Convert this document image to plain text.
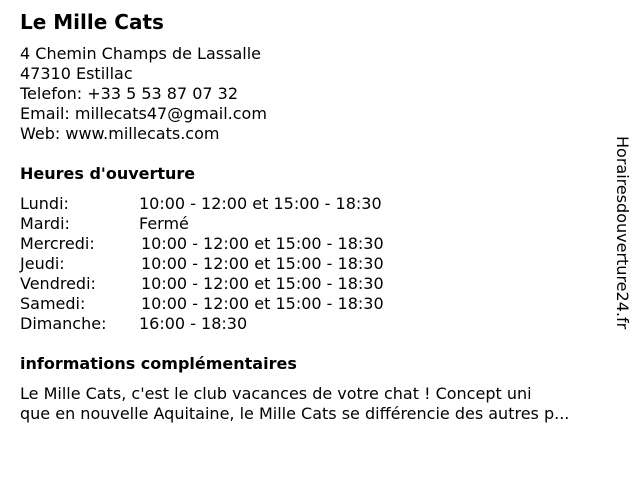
Le Mille Cats
4 Chemin Champs de Lassalle
47310 Estillac
Telefon: +33 5 53 87 07 32
Email: millecats47@gmail.com
Web: www.millecats.com
Heures d'ouverture
Lundi:	10:00 - 12:00 et 15:00 - 18:30
Mardi:	Fermé
Mercredi:	10:00 - 12:00 et 15:00 - 18:30
Jeudi:	10:00 - 12:00 et 15:00 - 18:30
Vendredi:	10:00 - 12:00 et 15:00 - 18:30
Samedi:	10:00 - 12:00 et 15:00 - 18:30
Dimanche: 16:00 - 18:30
informations complémentaires
Le Mille Cats, c'est le club vacances de votre chat ! Concept uni
que en nouvelle Aquitaine, le Mille Cats se différencie des autres p...
Horairesdouverture24.fr
